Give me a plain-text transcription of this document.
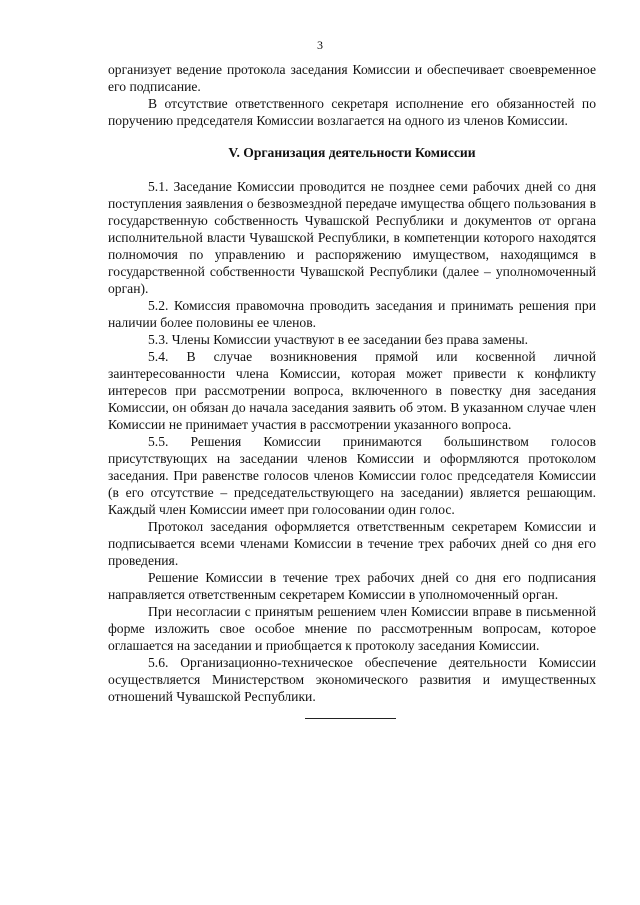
3

организует ведение протокола заседания Комиссии и обеспечивает своевременное его подписание.

В отсутствие ответственного секретаря исполнение его обязанностей по поручению председателя Комиссии возлагается на одного из членов Комиссии.

V. Организация деятельности Комиссии

5.1. Заседание Комиссии проводится не позднее семи рабочих дней со дня поступления заявления о безвозмездной передаче имущества общего пользования в государственную собственность Чувашской Республики и документов от органа исполнительной власти Чувашской Республики, в компетенции которого находятся полномочия по управлению и распоряжению имуществом, находящимся в государственной собственности Чувашской Республики (далее – уполномоченный орган).

5.2. Комиссия правомочна проводить заседания и принимать решения при наличии более половины ее членов.

5.3. Члены Комиссии участвуют в ее заседании без права замены.

5.4. В случае возникновения прямой или косвенной личной заинтересованности члена Комиссии, которая может привести к конфликту интересов при рассмотрении вопроса, включенного в повестку дня заседания Комиссии, он обязан до начала заседания заявить об этом. В указанном случае член Комиссии не принимает участия в рассмотрении указанного вопроса.

5.5. Решения Комиссии принимаются большинством голосов присутствующих на заседании членов Комиссии и оформляются протоколом заседания. При равенстве голосов членов Комиссии голос председателя Комиссии (в его отсутствие – председательствующего на заседании) является решающим. Каждый член Комиссии имеет при голосовании один голос.

Протокол заседания оформляется ответственным секретарем Комиссии и подписывается всеми членами Комиссии в течение трех рабочих дней со дня его проведения.

Решение Комиссии в течение трех рабочих дней со дня его подписания направляется ответственным секретарем Комиссии в уполномоченный орган.

При несогласии с принятым решением член Комиссии вправе в письменной форме изложить свое особое мнение по рассмотренным вопросам, которое оглашается на заседании и приобщается к протоколу заседания Комиссии.

5.6. Организационно-техническое обеспечение деятельности Комиссии осуществляется Министерством экономического развития и имущественных отношений Чувашской Республики.
